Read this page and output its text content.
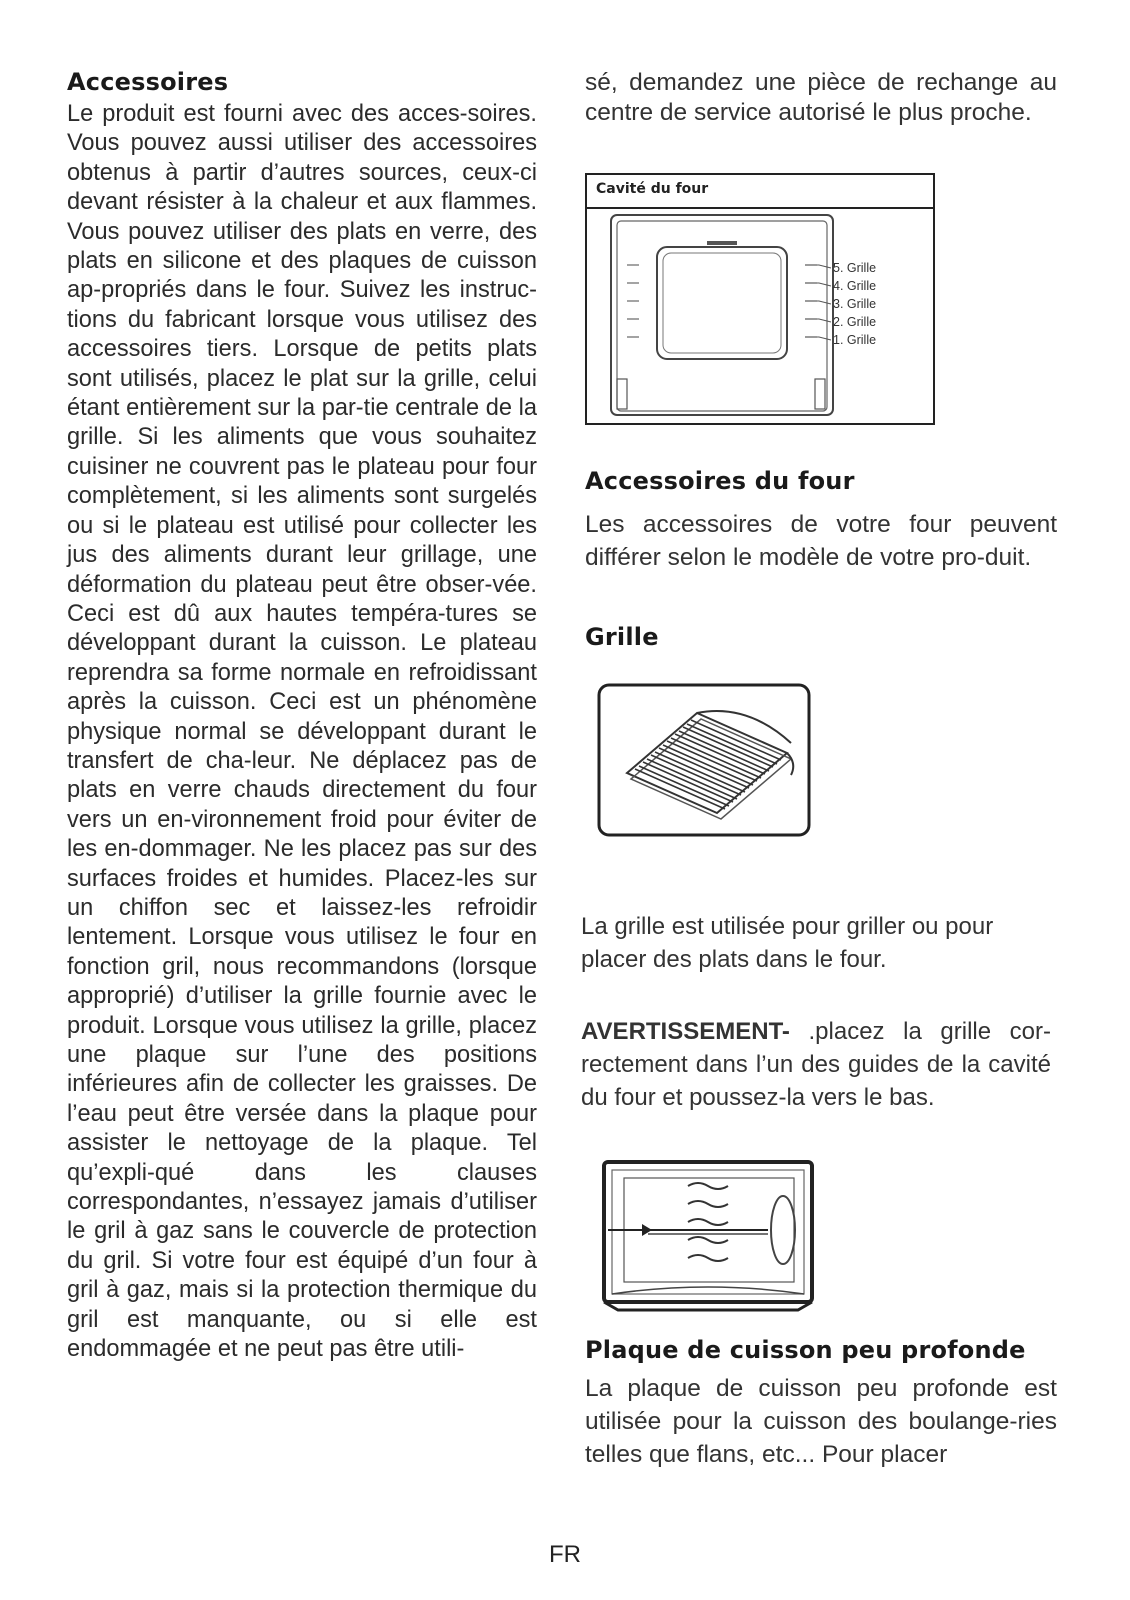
Accessoires

Le produit est fourni avec des acces-soires. Vous pouvez aussi utiliser des accessoires obtenus à partir d’autres sources, ceux-ci devant résister à la chaleur et aux flammes. Vous pouvez utiliser des plats en verre, des plats en silicone et des plaques de cuisson ap-propriés dans le four. Suivez les instruc-tions du fabricant lorsque vous utilisez des accessoires tiers. Lorsque de petits plats sont utilisés, placez le plat sur la grille, celui étant entièrement sur la par-tie centrale de la grille. Si les aliments que vous souhaitez cuisiner ne couvrent pas le plateau pour four complètement, si les aliments sont surgelés ou si le plateau est utilisé pour collecter les jus des aliments durant leur grillage, une déformation du plateau peut être obser-vée. Ceci est dû aux hautes tempéra-tures se développant durant la cuisson. Le plateau reprendra sa forme normale en refroidissant après la cuisson. Ceci est un phénomène physique normal se développant durant le transfert de cha-leur. Ne déplacez pas de plats en verre chauds directement du four vers un en-vironnement froid pour éviter de les en-dommager. Ne les placez pas sur des surfaces froides et humides. Placez-les sur un chiffon sec et laissez-les refroidir lentement. Lorsque vous utilisez le four en fonction gril, nous recommandons (lorsque approprié) d’utiliser la grille fournie avec le produit. Lorsque vous utilisez la grille, placez une plaque sur l’une des positions inférieures afin de collecter les graisses. De l’eau peut être versée dans la plaque pour assister le nettoyage de la plaque. Tel qu’expli-qué dans les clauses correspondantes, n’essayez jamais d’utiliser le gril à gaz sans le couvercle de protection du gril. Si votre four est équipé d’un four à gril à gaz, mais si la protection thermique du gril est manquante, ou si elle est endommagée et ne peut pas être utili-

sé, demandez une pièce de rechange au centre de service autorisé le plus proche.

Cavité du four
5. Grille
4. Grille
3. Grille
2. Grille
1. Grille
Accessoires du four

Les accessoires de votre four peuvent différer selon le modèle de votre pro-duit.

Grille

La grille est utilisée pour griller ou pour placer des plats dans le four.

AVERTISSEMENT- .placez la grille cor-rectement dans l’un des guides de la cavité du four et poussez-la vers le bas.

Plaque de cuisson peu profonde

La plaque de cuisson peu profonde est utilisée pour la cuisson des boulange-ries telles que flans, etc... Pour placer

FR
